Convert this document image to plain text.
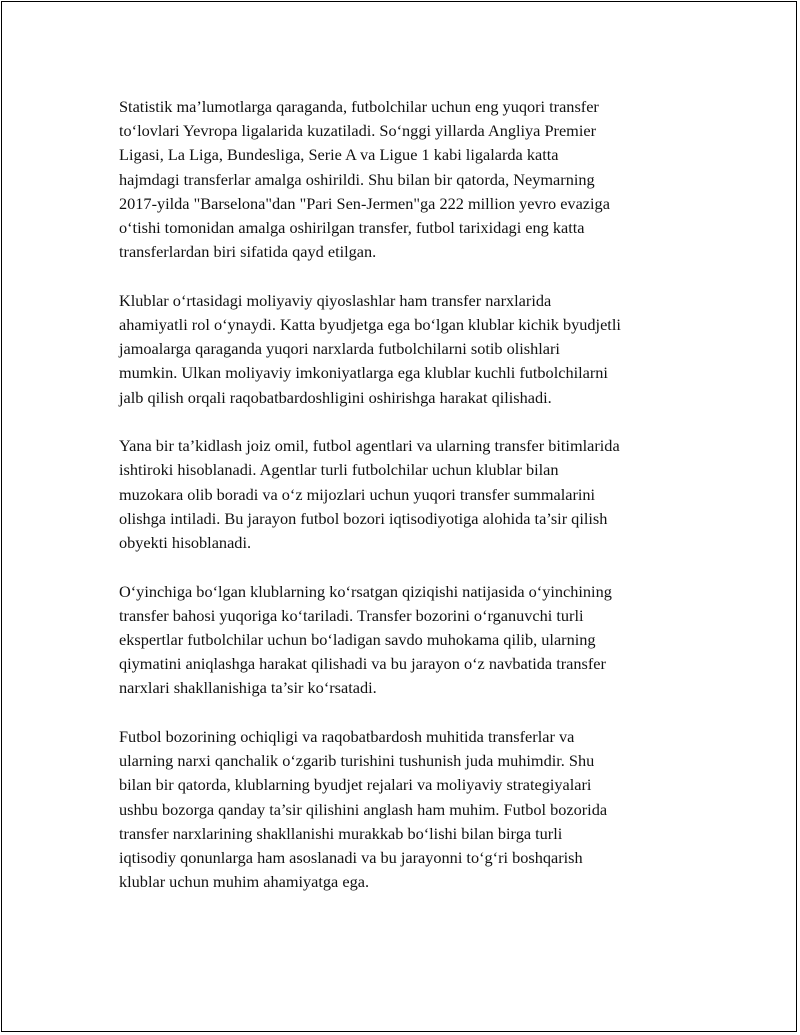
Statistik ma’lumotlarga qaraganda, futbolchilar uchun eng yuqori transfer
to‘lovlari Yevropa ligalarida kuzatiladi. So‘nggi yillarda Angliya Premier
Ligasi, La Liga, Bundesliga, Serie A va Ligue 1 kabi ligalarda katta
hajmdagi transferlar amalga oshirildi. Shu bilan bir qatorda, Neymarning
2017-yilda "Barselona"dan "Pari Sen-Jermen"ga 222 million yevro evaziga
o‘tishi tomonidan amalga oshirilgan transfer, futbol tarixidagi eng katta
transferlardan biri sifatida qayd etilgan.

Klublar o‘rtasidagi moliyaviy qiyoslashlar ham transfer narxlarida
ahamiyatli rol o‘ynaydi. Katta byudjetga ega bo‘lgan klublar kichik byudjetli
jamoalarga qaraganda yuqori narxlarda futbolchilarni sotib olishlari
mumkin. Ulkan moliyaviy imkoniyatlarga ega klublar kuchli futbolchilarni
jalb qilish orqali raqobatbardoshligini oshirishga harakat qilishadi.

Yana bir ta’kidlash joiz omil, futbol agentlari va ularning transfer bitimlarida
ishtiroki hisoblanadi. Agentlar turli futbolchilar uchun klublar bilan
muzokara olib boradi va o‘z mijozlari uchun yuqori transfer summalarini
olishga intiladi. Bu jarayon futbol bozori iqtisodiyotiga alohida ta’sir qilish
obyekti hisoblanadi.

O‘yinchiga bo‘lgan klublarning ko‘rsatgan qiziqishi natijasida o‘yinchining
transfer bahosi yuqoriga ko‘tariladi. Transfer bozorini o‘rganuvchi turli
ekspertlar futbolchilar uchun bo‘ladigan savdo muhokama qilib, ularning
qiymatini aniqlashga harakat qilishadi va bu jarayon o‘z navbatida transfer
narxlari shakllanishiga ta’sir ko‘rsatadi.

Futbol bozorining ochiqligi va raqobatbardosh muhitida transferlar va
ularning narxi qanchalik o‘zgarib turishini tushunish juda muhimdir. Shu
bilan bir qatorda, klublarning byudjet rejalari va moliyaviy strategiyalari
ushbu bozorga qanday ta’sir qilishini anglash ham muhim. Futbol bozorida
transfer narxlarining shakllanishi murakkab bo‘lishi bilan birga turli
iqtisodiy qonunlarga ham asoslanadi va bu jarayonni to‘g‘ri boshqarish
klublar uchun muhim ahamiyatga ega.
